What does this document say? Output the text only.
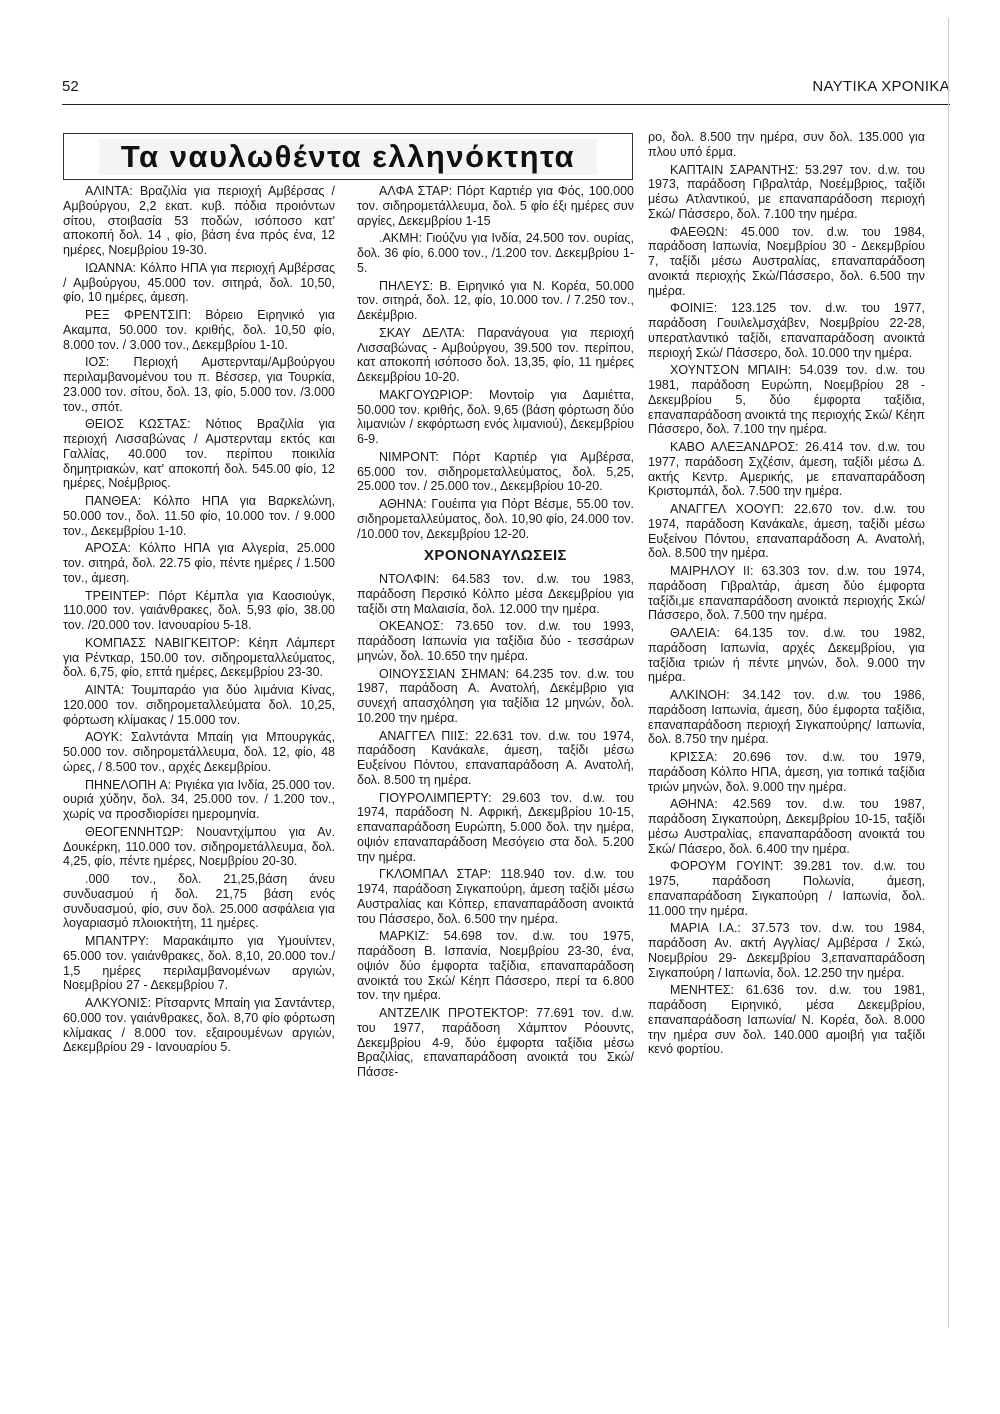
52	ΝΑΥΤΙΚΑ ΧΡΟΝΙΚΑ
Τα ναυλωθέντα ελληνόκτητα

ΑΛΙΝΤΑ: Βραζιλία για περιοχή Αμβέρσας /Αμβούργου, 2,2 εκατ. κυβ. πόδια προιόντων σίτου, στοιβασία 53 ποδών, ισόποσο κατ' αποκοπή δολ. 14 , φίο, βάση ένα πρός ένα, 12 ημέρες, Νοεμβρίου 19-30.

ΙΩΑΝΝΑ: Κόλπο ΗΠΑ για περιοχή Αμβέρσας / Αμβούργου, 45.000 τον. σιτηρά, δολ. 10,50, φίο, 10 ημέρες, άμεση.

ΡΕΞ ΦΡΕΝΤΣΙΠ: Βόρειο Ειρηνικό για Ακαμπα, 50.000 τον. κριθής, δολ. 10,50 φίο, 8.000 τον. / 3.000 τον., Δεκεμβρίου 1-10.

ΙΟΣ: Περιοχή Αμστερνταμ/Αμβούργου περιλαμβανομένου του π. Βέσσερ, για Τουρκία, 23.000 τον. σίτου, δολ. 13, φίο, 5.000 τον. /3.000 τον., σπότ.

ΘΕΙΟΣ ΚΩΣΤΑΣ: Νότιος Βραζιλία για περιοχή Λισσαβώνας / Αμστερνταμ εκτός και Γαλλίας, 40.000 τον. περίπου ποικιλία δημητριακών, κατ' αποκοπή δολ. 545.00 φίο, 12 ημέρες, Νοέμβριος.

ΠΑΝΘΕΑ: Κόλπο ΗΠΑ για Βαρκελώνη, 50.000 τον., δολ. 11.50 φίο, 10.000 τον. / 9.000 τον., Δεκεμβρίου 1-10.

ΑΡΟΣΑ: Κόλπο ΗΠΑ για Αλγερία, 25.000 τον. σιτηρά, δολ. 22.75 φίο, πέντε ημέρες / 1.500 τον., άμεση.

ΤΡΕΙΝΤΕΡ: Πόρτ Κέμπλα για Καοσιούγκ, 110.000 τον. γαιάνθρακες, δολ. 5,93 φίο, 38.00 τον. /20.000 τον. Ιανουαρίου 5-18.

ΚΟΜΠΑΣΣ ΝΑΒΙΓΚΕΙΤΟΡ: Κέηπ Λάμπερτ για Ρέντκαρ, 150.00 τον. σιδηρομεταλλεύματος, δολ. 6,75, φίο, επτά ημέρες, Δεκεμβρίου 23-30.

ΑΙΝΤΑ: Τουμπαράο για δύο λιμάνια Κίνας, 120.000 τον. σιδηρομεταλλεύματα δολ. 10,25, φόρτωση κλίμακας / 15.000 τον.

ΑΟΥΚ: Σαλντάντα Μπαίη για Μπουργκάς, 50.000 τον. σιδηρομετάλλευμα, δολ. 12, φίο, 48 ώρες, / 8.500 τον., αρχές Δεκεμβρίου.

ΠΗΝΕΛΟΠΗ Α: Ριγιέκα για Ινδία, 25.000 τον. ουριά χύδην, δολ. 34, 25.000 τον. / 1.200 τον., χωρίς να προσδιορίσει ημερομηνία.

ΘΕΟΓΕΝΝΗΤΩΡ: Νουαντχίμπου για Αν. Δουκέρκη, 110.000 τον. σιδηρομετάλλευμα, δολ. 4,25, φίο, πέντε ημέρες, Νοεμβρίου 20-30.

.000 τον., δολ. 21,25,βάση άνευ συνδυασμού ή δολ. 21,75 βάση ενός συνδυασμού, φίο, συν δολ. 25.000 ασφάλεια για λογαριασμό πλοιοκτήτη, 11 ημέρες.

ΜΠΑΝΤΡΥ: Μαρακάιμπο για Υμουίντεν, 65.000 τον. γαιάνθρακες, δολ. 8,10, 20.000 τον./ 1,5 ημέρες περιλαμβανομένων αργιών, Νοεμβρίου 27 - Δεκεμβρίου 7.

ΑΛΚΥΟΝΙΣ: Ρίτσαρντς Μπαίη για Σαντάντερ, 60.000 τον. γαιάνθρακες, δολ. 8,70 φίο φόρτωση κλίμακας / 8.000 τον. εξαιρουμένων αργιών, Δεκεμβρίου 29 - Ιανουαρίου 5.

ΑΛΦΑ ΣΤΑΡ: Πόρτ Καρτιέρ για Φός, 100.000 τον. σιδηρομετάλλευμα, δολ. 5 φίο έξι ημέρες συν αργίες, Δεκεμβρίου 1-15

.ΑΚΜΗ: Γιούζνυ για Ινδία, 24.500 τον. ουρίας, δολ. 36 φίο, 6.000 τον., /1.200 τον. Δεκεμβρίου 1-5.

ΠΗΛΕΥΣ: Β. Ειρηνικό για Ν. Κορέα, 50.000 τον. σιτηρά, δολ. 12, φίο, 10.000 τον. / 7.250 τον., Δεκέμβριο.

ΣΚΑΥ ΔΕΛΤΑ: Παρανάγουα για περιοχή Λισσαβώνας - Αμβούργου, 39.500 τον. περίπου, κατ αποκοπή ισόποσο δολ. 13,35, φίο, 11 ημέρες Δεκεμβρίου 10-20.

ΜΑΚΓΟΥΩΡΙΟΡ: Μοντοίρ για Δαμιέττα, 50.000 τον. κριθής, δολ. 9,65 (βάση φόρτωση δύο λιμανιών / εκφόρτωση ενός λιμανιού), Δεκεμβρίου 6-9.

ΝΙΜΡΟΝΤ: Πόρτ Καρτιέρ για Αμβέρσα, 65.000 τον. σιδηρομεταλλεύματος, δολ. 5,25, 25.000 τον. / 25.000 τον., Δεκεμβρίου 10-20.

ΑΘΗΝΑ: Γουέιπα για Πόρτ Βέσμε, 55.00 τον. σιδηρομεταλλεύματος, δολ. 10,90 φίο, 24.000 τον. /10.000 τον, Δεκεμβρίου 12-20.

ΧΡΟΝΟΝΑΥΛΩΣΕΙΣ

ΝΤΟΛΦΙΝ: 64.583 τον. d.w. του 1983, παράδοση Περσικό Κόλπο μέσα Δεκεμβρίου για ταξίδι στη Μαλαισία, δολ. 12.000 την ημέρα.

ΟΚΕΑΝΟΣ: 73.650 τον. d.w. του 1993, παράδοση Ιαπωνία για ταξίδια δύο - τεσσάρων μηνών, δολ. 10.650 την ημέρα.

ΟΙΝΟΥΣΣΙΑΝ ΣΗΜΑΝ: 64.235 τον. d.w. του 1987, παράδοση Α. Ανατολή, Δεκέμβριο για συνεχή απασχόληση για ταξίδια 12 μηνών, δολ. 10.200 την ημέρα.

ΑΝΑΓΓΕΛ ΠΙΙΣ: 22.631 τον. d.w. του 1974, παράδοση Κανάκαλε, άμεση, ταξίδι μέσω Ευξείνου Πόντου, επαναπαράδοση Α. Ανατολή, δολ. 8.500 τη ημέρα.

ΓΙΟΥΡΟΛΙΜΠΕΡΤΥ: 29.603 τον. d.w. του 1974, παράδοση Ν. Αφρική, Δεκεμβρίου 10-15, επαναπαράδοση Ευρώπη, 5.000 δολ. την ημέρα, οψιόν επαναπαράδοση Μεσόγειο στα δολ. 5.200 την ημέρα.

ΓΚΛΟΜΠΑΛ ΣΤΑΡ: 118.940 τον. d.w. του 1974, παράδοση Σιγκαπούρη, άμεση ταξίδι μέσω Αυστραλίας και Κόπερ, επαναπαράδοση ανοικτά του Πάσσερο, δολ. 6.500 την ημέρα.

ΜΑΡΚΙΖ: 54.698 τον. d.w. του 1975, παράδοση Β. Ισπανία, Νοεμβρίου 23-30, ένα, οψιόν δύο έμφορτα ταξίδια, επαναπαράδοση ανοικτά του Σκώ/ Κέηπ Πάσσερο, περί τα 6.800 τον. την ημέρα.

ΑΝΤΖΕΛΙΚ ΠΡΟΤΕΚΤΟΡ: 77.691 τον. d.w. του 1977, παράδοση Χάμπτον Ρόουντς, Δεκεμβρίου 4-9, δύο έμφορτα ταξίδια μέσω Βραζιλίας, επαναπαράδοση ανοικτά του Σκώ/ Πάσσε-

ρο, δολ. 8.500 την ημέρα, συν δολ. 135.000 για πλου υπό έρμα.

ΚΑΠΤΑΙΝ ΣΑΡΑΝΤΗΣ: 53.297 τον. d.w. του 1973, παράδοση Γιβραλτάρ, Νοεέμβριος, ταξίδι μέσω Ατλαντικού, με επαναπαράδοση περιοχή Σκώ/ Πάσσερο, δολ. 7.100 την ημέρα.

ΦΑΕΘΩΝ: 45.000 τον. d.w. του 1984, παράδοση Ιαπωνία, Νοεμβρίου 30 - Δεκεμβρίου 7, ταξίδι μέσω Αυστραλίας, επαναπαράδοση ανοικτά περιοχής Σκώ/Πάσσερο, δολ. 6.500 την ημέρα.

ΦΟΙΝΙΞ: 123.125 τον. d.w. του 1977, παράδοση Γουιλελμσχάβεν, Νοεμβρίου 22-28, υπερατλαντικό ταξίδι, επαναπαράδοση ανοικτά περιοχή Σκώ/ Πάσσερο, δολ. 10.000 την ημέρα.

ΧΟΥΝΤΣΟΝ ΜΠΑΙΗ: 54.039 τον. d.w. του 1981, παράδοση Ευρώπη, Νοεμβρίου 28 - Δεκεμβρίου 5, δύο έμφορτα ταξίδια, επαναπαράδοση ανοικτά της περιοχής Σκώ/ Κέηπ Πάσσερο, δολ. 7.100 την ημέρα.

ΚΑΒΟ ΑΛΕΞΑΝΔΡΟΣ: 26.414 τον. d.w. του 1977, παράδοση Σχζέσιν, άμεση, ταξίδι μέσω Δ. ακτής Κεντρ. Αμερικής, με επαναπαράδοση Κριστομπάλ, δολ. 7.500 την ημέρα.

ΑΝΑΓΓΕΛ ΧΟΟΥΠ: 22.670 τον. d.w. του 1974, παράδοση Κανάκαλε, άμεση, ταξίδι μέσω Ευξείνου Πόντου, επαναπαράδοση Α. Ανατολή, δολ. 8.500 την ημέρα.

ΜΑΙΡΗΛΟΥ ΙΙ: 63.303 τον. d.w. του 1974, παράδοση Γιβραλτάρ, άμεση δύο έμφορτα ταξίδι,με επαναπαράδοση ανοικτά περιοχής Σκώ/ Πάσσερο, δολ. 7.500 την ημέρα.

ΘΑΛΕΙΑ: 64.135 τον. d.w. του 1982, παράδοση Ιαπωνία, αρχές Δεκεμβρίου, για ταξίδια τριών ή πέντε μηνών, δολ. 9.000 την ημέρα.

ΑΛΚΙΝΟΗ: 34.142 τον. d.w. του 1986, παράδοση Ιαπωνία, άμεση, δύο έμφορτα ταξίδια, επαναπαράδοση περιοχή Σιγκαπούρης/ Ιαπωνία, δολ. 8.750 την ημέρα.

ΚΡΙΣΣΑ: 20.696 τον. d.w. του 1979, παράδοση Κόλπο ΗΠΑ, άμεση, για τοπικά ταξίδια τριών μηνών, δολ. 9.000 την ημέρα.

ΑΘΗΝΑ: 42.569 τον. d.w. του 1987, παράδοση Σιγκαπούρη, Δεκεμβρίου 10-15, ταξίδι μέσω Αυστραλίας, επαναπαράδοση ανοικτά του Σκώ/ Πάσερο, δολ. 6.400 την ημέρα.

ΦΟΡΟΥΜ ΓΟΥΙΝΤ: 39.281 τον. d.w. του 1975, παράδοση Πολωνία, άμεση, επαναπαράδοση Σιγκαπούρη / Ιαπωνία, δολ. 11.000 την ημέρα.

ΜΑΡΙΑ Ι.Α.: 37.573 τον. d.w. του 1984, παράδοση Αν. ακτή Αγγλίας/ Αμβέρσα / Σκώ, Νοεμβρίου 29- Δεκεμβρίου 3,επαναπαράδοση Σιγκαπούρη / Ιαπωνία, δολ. 12.250 την ημέρα.

ΜΕΝΗΤΕΣ: 61.636 τον. d.w. του 1981, παράδοση Ειρηνικό, μέσα Δεκεμβρίου, επαναπαράδοση Ιαπωνία/ Ν. Κορέα, δολ. 8.000 την ημέρα συν δολ. 140.000 αμοιβή για ταξίδι κενό φορτίου.
